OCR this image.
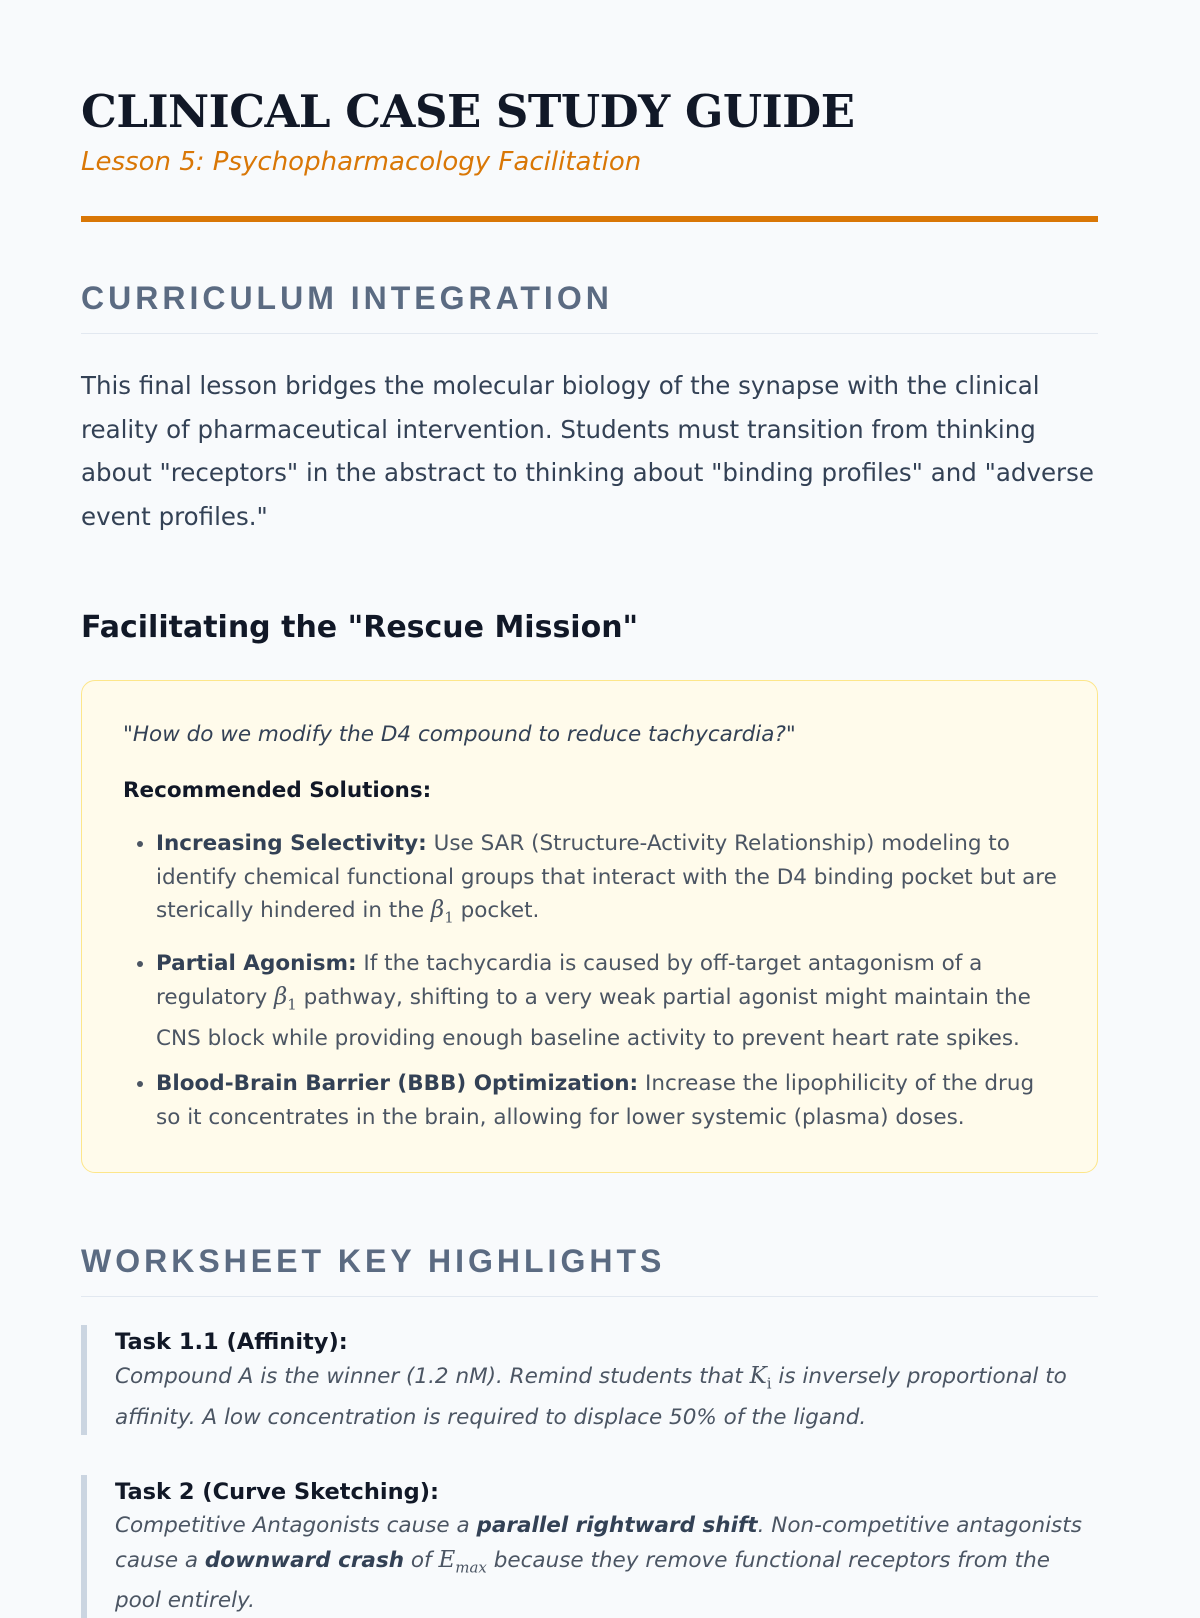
CLINICAL CASE STUDY GUIDE
Lesson 5: Psychopharmacology Facilitation
CURRICULUM INTEGRATION

This final lesson bridges the molecular biology of the synapse with the clinical reality of pharmaceutical intervention. Students must transition from thinking about "receptors" in the abstract to thinking about "binding profiles" and "adverse event profiles."

Facilitating the "Rescue Mission"

"How do we modify the D4 compound to reduce tachycardia?"

Recommended Solutions:

• Increasing Selectivity: Use SAR (Structure-Activity Relationship) modeling to identify chemical functional groups that interact with the D4 binding pocket but are sterically hindered in the $\beta_1$ pocket.
• Partial Agonism: If the tachycardia is caused by off-target antagonism of a regulatory $\beta_1$ pathway, shifting to a very weak partial agonist might maintain the CNS block while providing enough baseline activity to prevent heart rate spikes.
• Blood-Brain Barrier (BBB) Optimization: Increase the lipophilicity of the drug so it concentrates in the brain, allowing for lower systemic (plasma) doses.
WORKSHEET KEY HIGHLIGHTS

Task 1.1 (Affinity):

Compound A is the winner (1.2 nM). Remind students that $K_i$ is inversely proportional to affinity. A low concentration is required to displace 50% of the ligand.

Task 2 (Curve Sketching):

Competitive Antagonists cause a parallel rightward shift. Non-competitive antagonists cause a downward crash of $E_{max}$ because they remove functional receptors from the pool entirely.
